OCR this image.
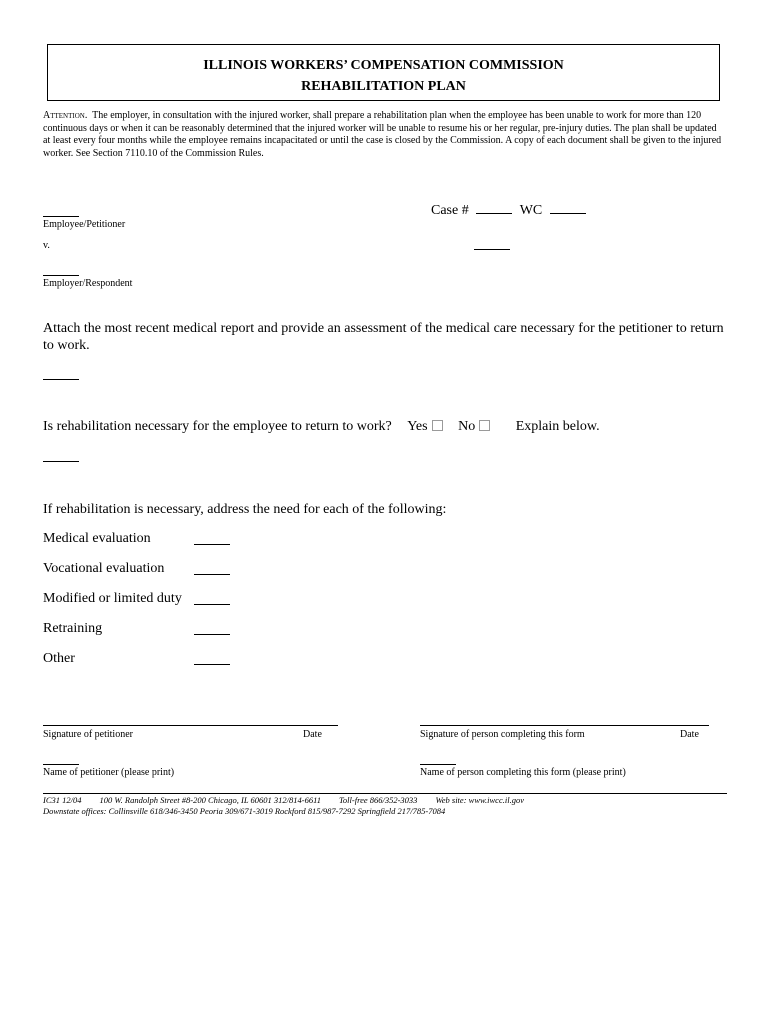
ILLINOIS WORKERS’ COMPENSATION COMMISSION
REHABILITATION PLAN
Attention. The employer, in consultation with the injured worker, shall prepare a rehabilitation plan when the employee has been unable to work for more than 120 continuous days or when it can be reasonably determined that the injured worker will be unable to resume his or her regular, pre-injury duties. The plan shall be updated at least every four months while the employee remains incapacitated or until the case is closed by the Commission. A copy of each document shall be given to the injured worker. See Section 7110.10 of the Commission Rules.
Employee/Petitioner
v.
Employer/Respondent
Case #	WC
Attach the most recent medical report and provide an assessment of the medical care necessary for the petitioner to return to work.
Is rehabilitation necessary for the employee to return to work? Yes No	Explain below.
If rehabilitation is necessary, address the need for each of the following:
Medical evaluation
Vocational evaluation
Modified or limited duty
Retraining
Other
Signature of petitioner	Date	Signature of person completing this form	Date
Name of petitioner (please print)	Name of person completing this form (please print)
IC31 12/04 100 W. Randolph Street #8-200 Chicago, IL 60601 312/814-6611 Toll-free 866/352-3033 Web site: www.iwcc.il.gov
Downstate offices: Collinsville 618/346-3450 Peoria 309/671-3019 Rockford 815/987-7292 Springfield 217/785-7084
